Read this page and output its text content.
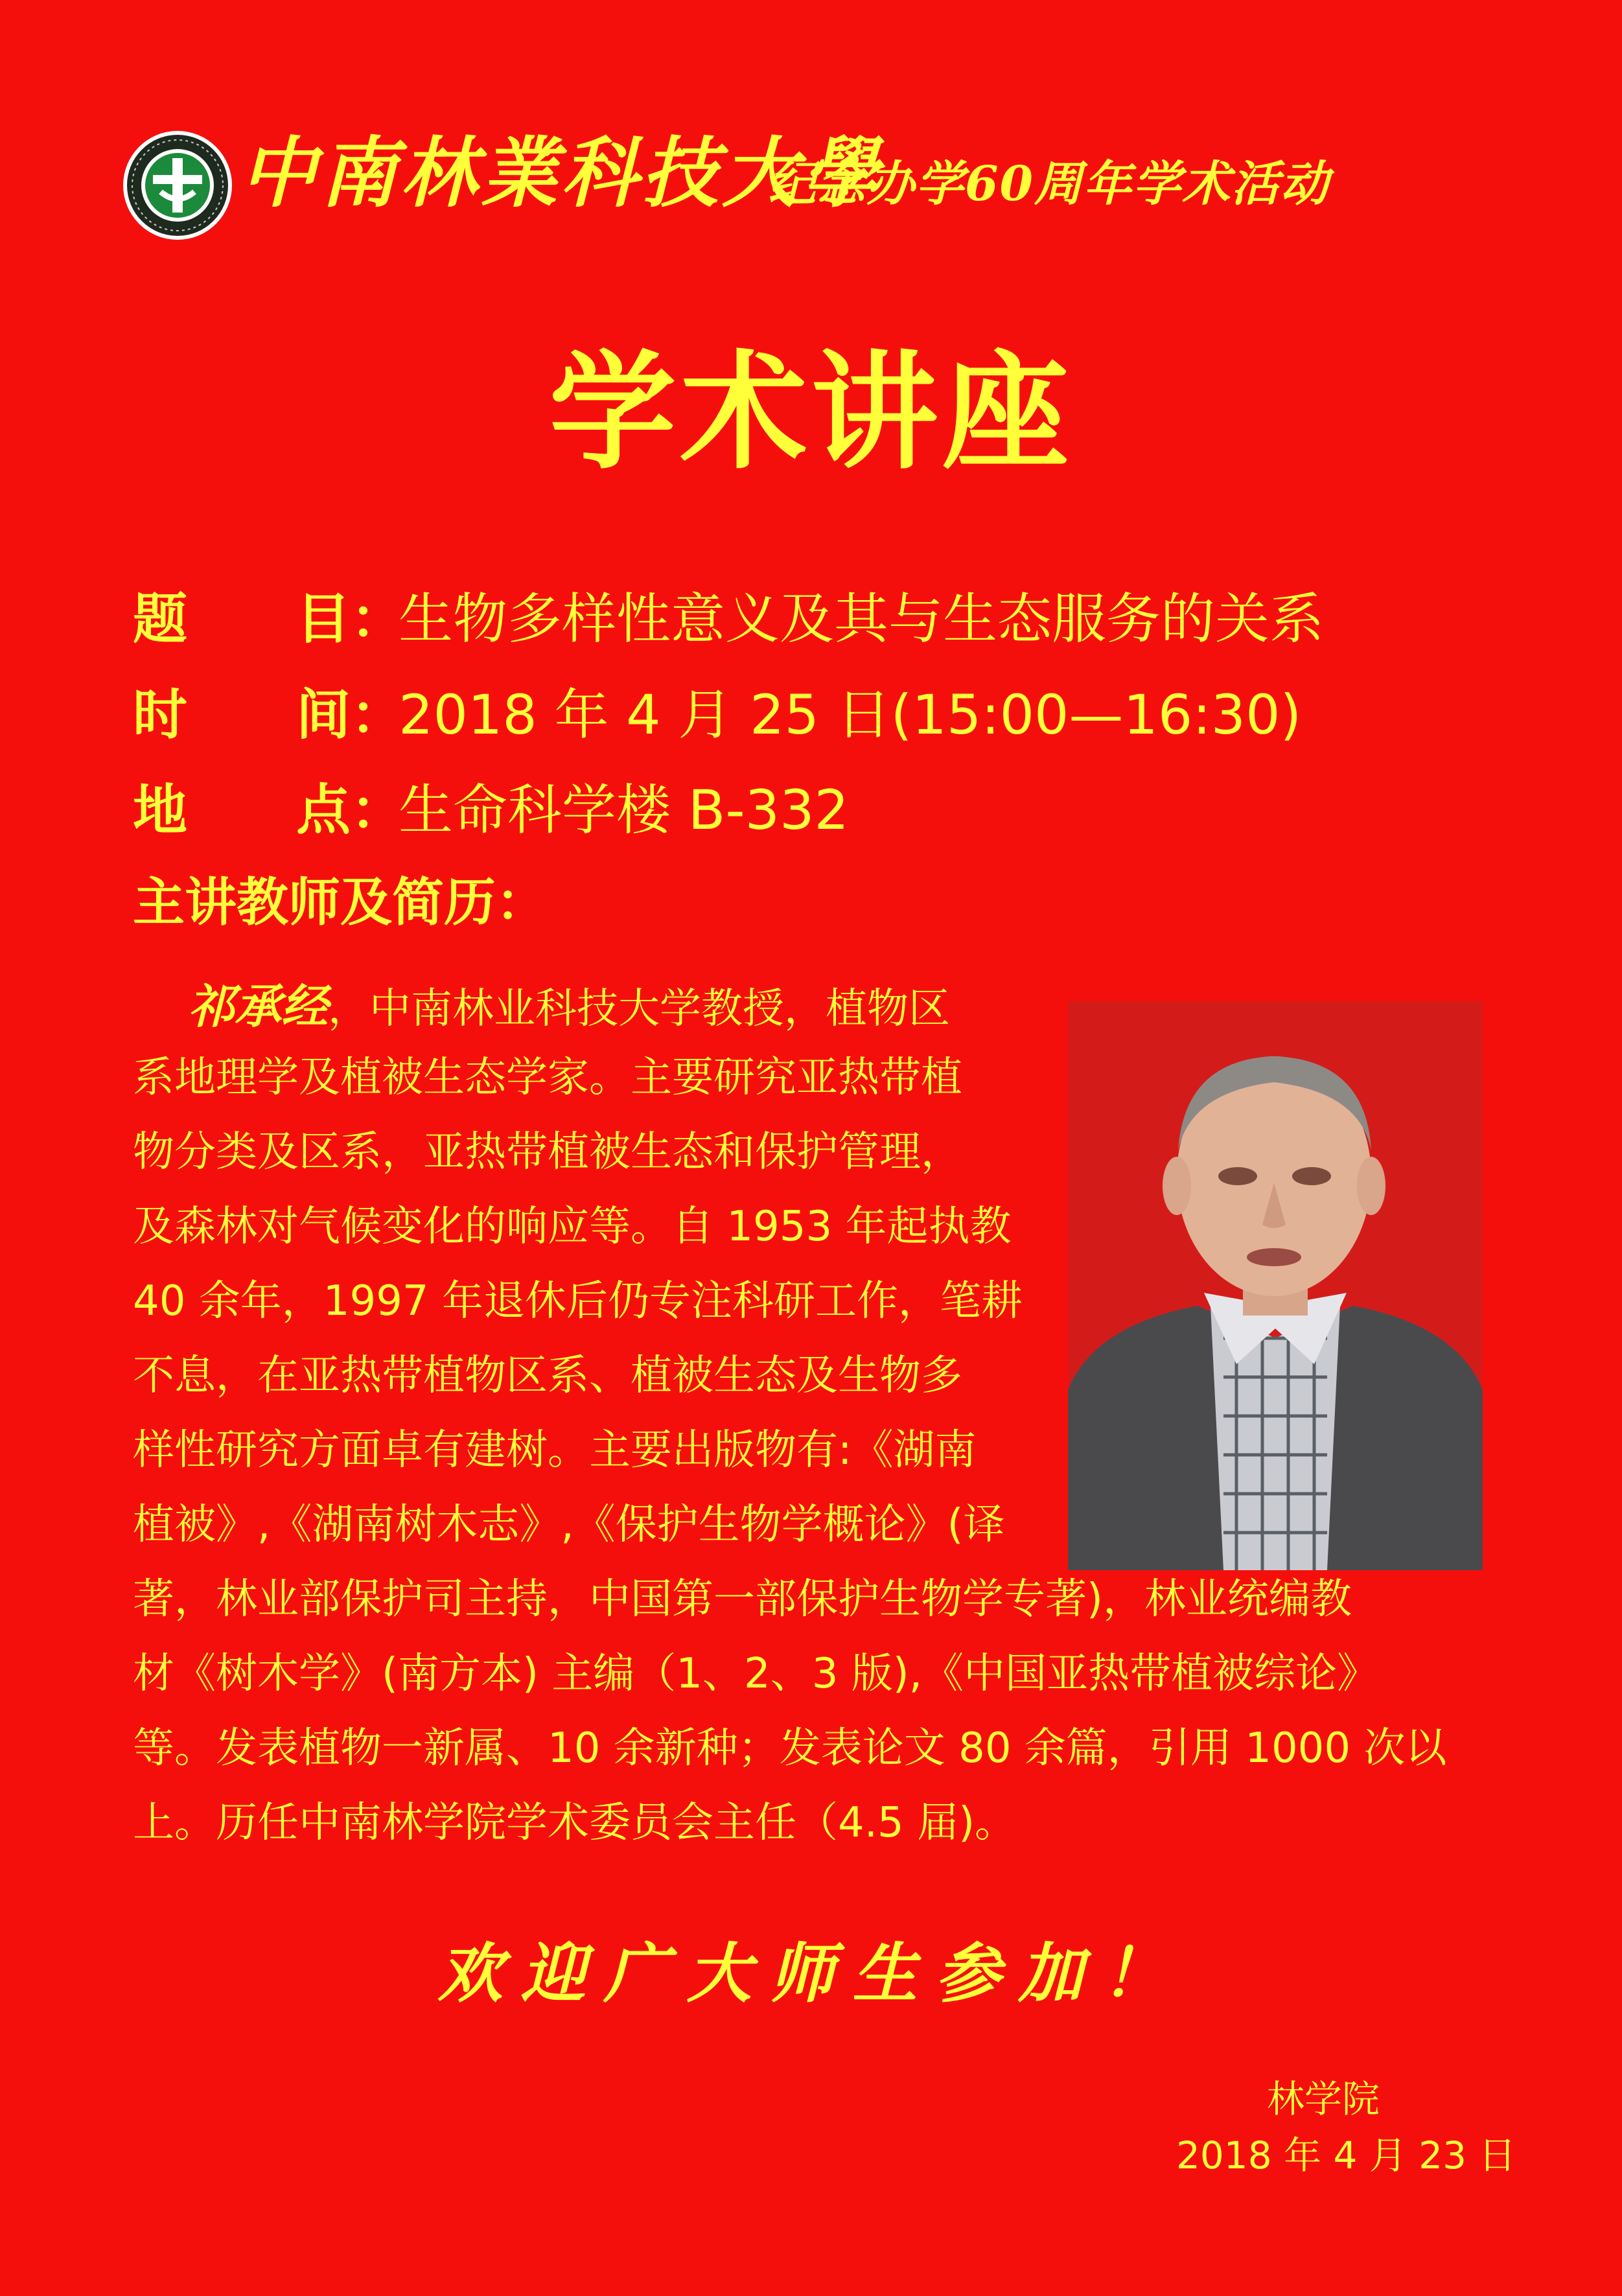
中南林業科技大學
纪念办学60周年学术活动
学术讲座
题　　目：生物多样性意义及其与生态服务的关系
时　　间：2018 年 4 月 25 日(15:00—16:30)
地　　点：生命科学楼 B-332
主讲教师及简历：
祁承经，中南林业科技大学教授，植物区
系地理学及植被生态学家。主要研究亚热带植
物分类及区系，亚热带植被生态和保护管理，
及森林对气候变化的响应等。自 1953 年起执教
40 余年，1997 年退休后仍专注科研工作，笔耕
不息，在亚热带植物区系、植被生态及生物多
样性研究方面卓有建树。主要出版物有:《湖南
植被》,《湖南树木志》,《保护生物学概论》(译
著，林业部保护司主持，中国第一部保护生物学专著)，林业统编教
材《树木学》(南方本) 主编（1、2、3 版),《中国亚热带植被综论》
等。发表植物一新属、10 余新种；发表论文 80 余篇，引用 1000 次以
上。历任中南林学院学术委员会主任（4.5 届)。
欢迎广大师生参加！
林学院
2018 年 4 月 23 日
